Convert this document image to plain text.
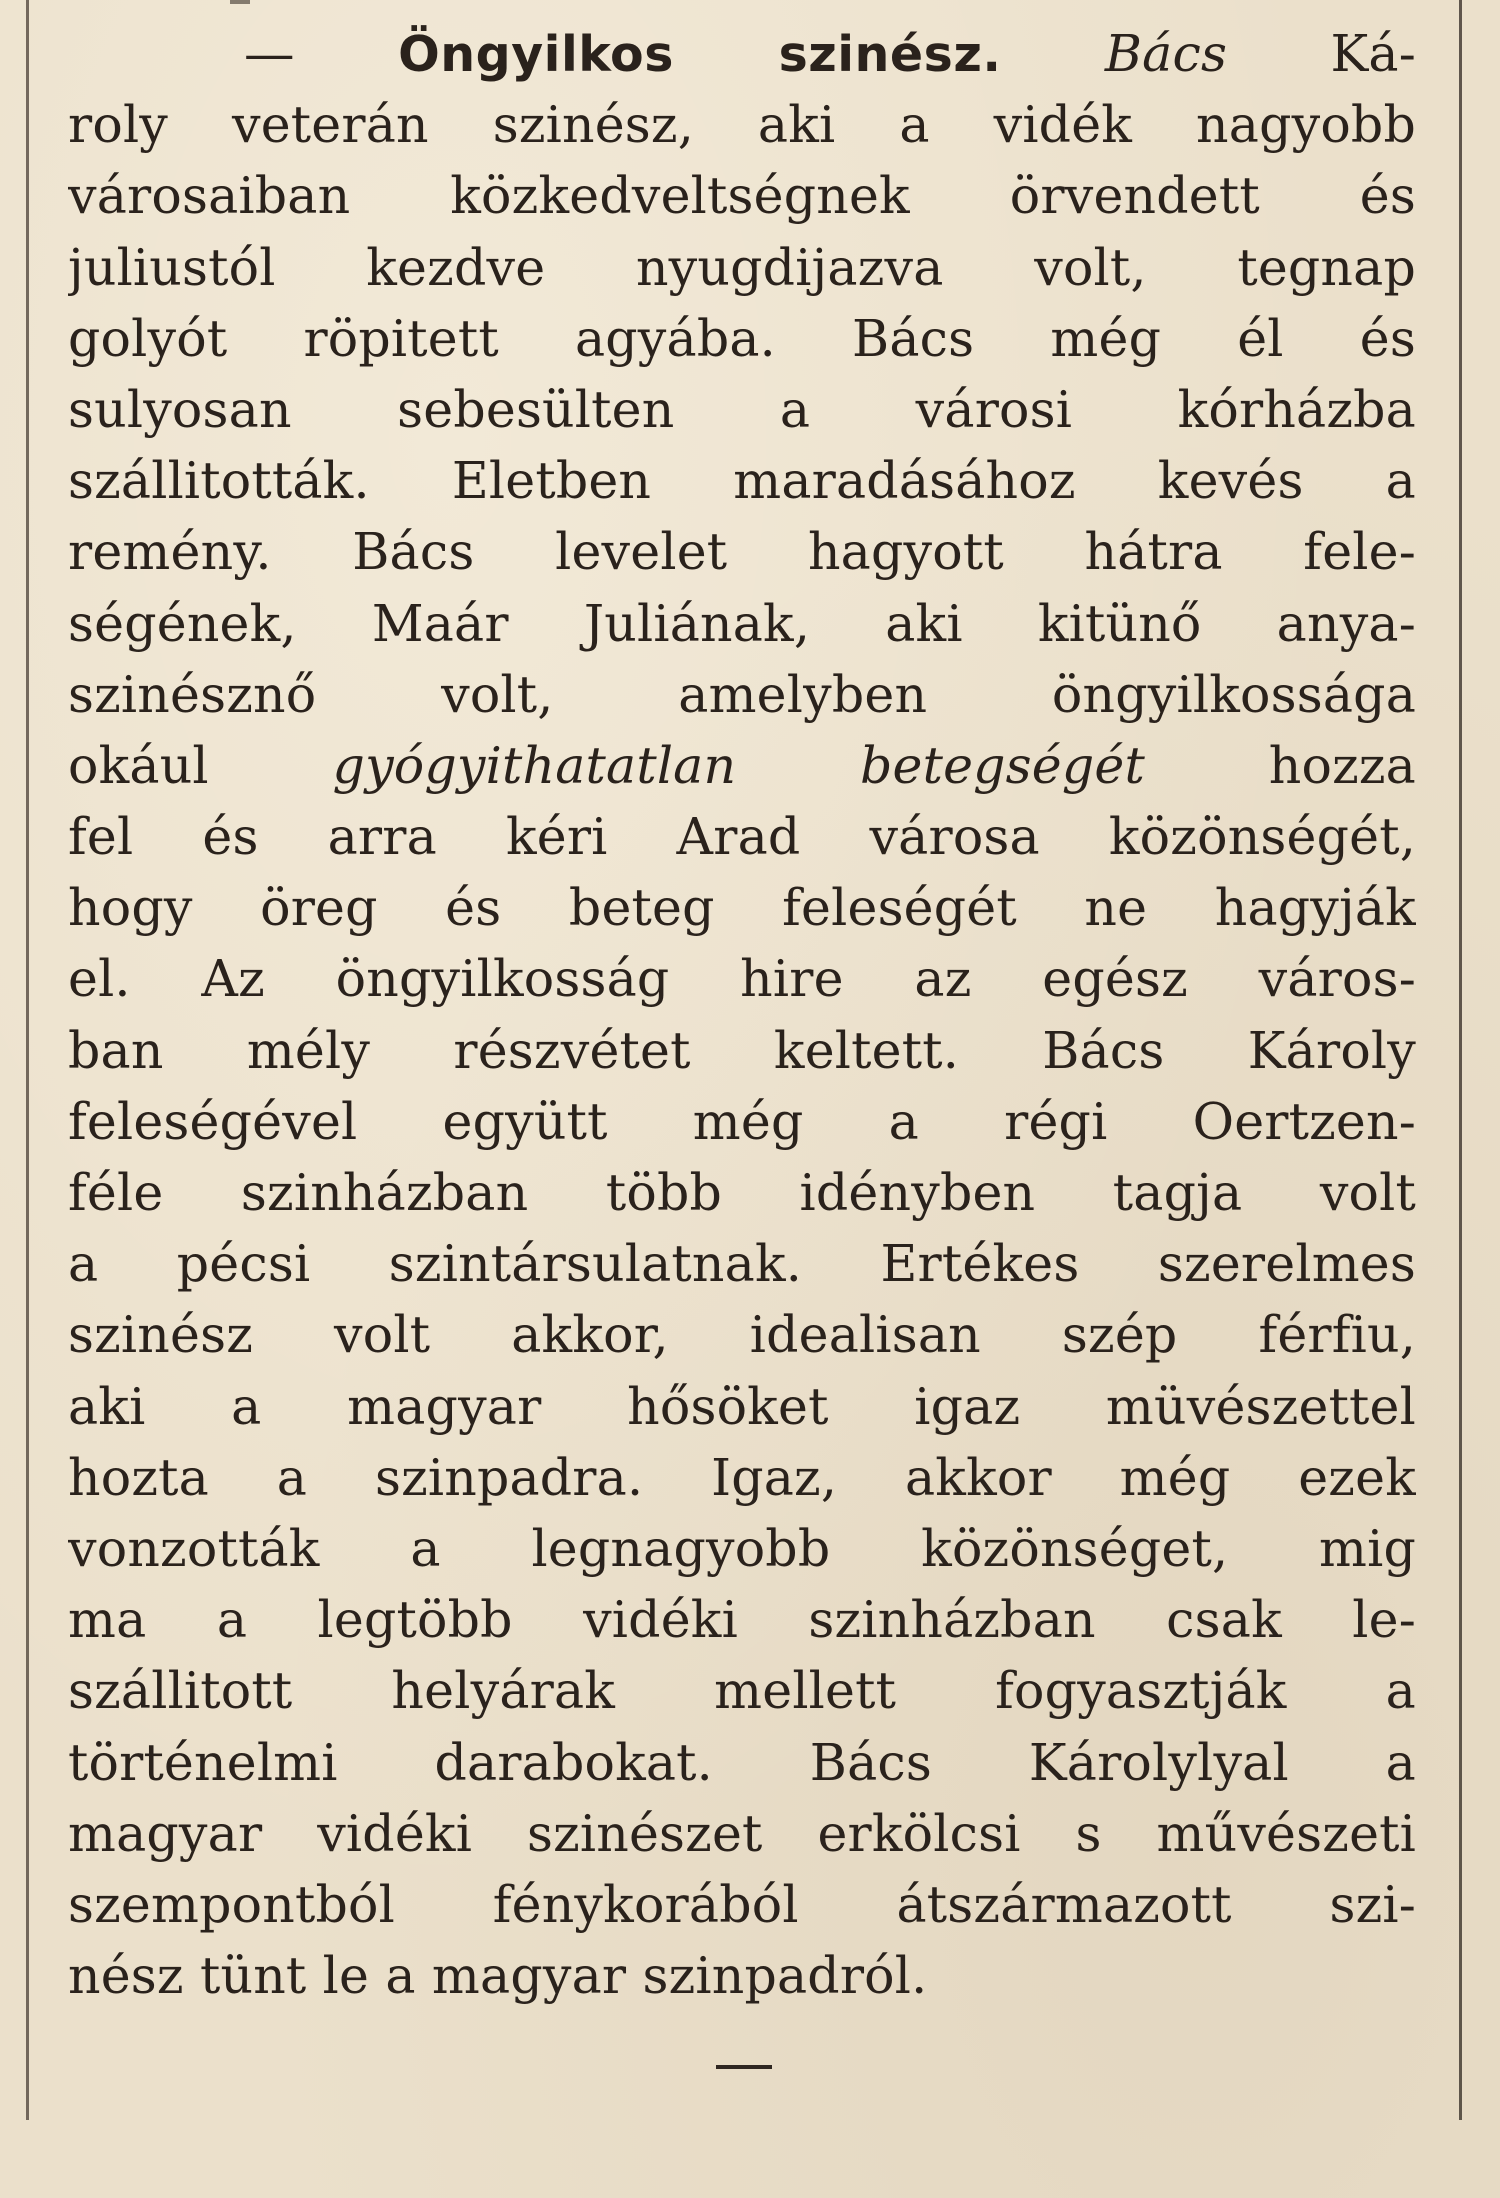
— Öngyilkos szinész. Bács Ká-
roly veterán szinész, aki a vidék nagyobb
városaiban közkedveltségnek örvendett és
juliustól kezdve nyugdijazva volt, tegnap
golyót röpitett agyába. Bács még él és
sulyosan sebesülten a városi kórházba
szállitották. Eletben maradásához kevés a
remény. Bács levelet hagyott hátra fele-
ségének, Maár Juliának, aki kitünő anya-
szinésznő volt, amelyben öngyilkossága
okául gyógyithatatlan betegségét hozza
fel és arra kéri Arad városa közönségét,
hogy öreg és beteg feleségét ne hagyják
el. Az öngyilkosság hire az egész város-
ban mély részvétet keltett. Bács Károly
feleségével együtt még a régi Oertzen-
féle szinházban több idényben tagja volt
a pécsi szintársulatnak. Ertékes szerelmes
szinész volt akkor, idealisan szép férfiu,
aki a magyar hősöket igaz müvészettel
hozta a szinpadra. Igaz, akkor még ezek
vonzották a legnagyobb közönséget, mig
ma a legtöbb vidéki szinházban csak le-
szállitott helyárak mellett fogyasztják a
történelmi darabokat. Bács Károlylyal a
magyar vidéki szinészet erkölcsi s művészeti
szempontból fénykorából átszármazott szi-
nész tünt le a magyar szinpadról.
